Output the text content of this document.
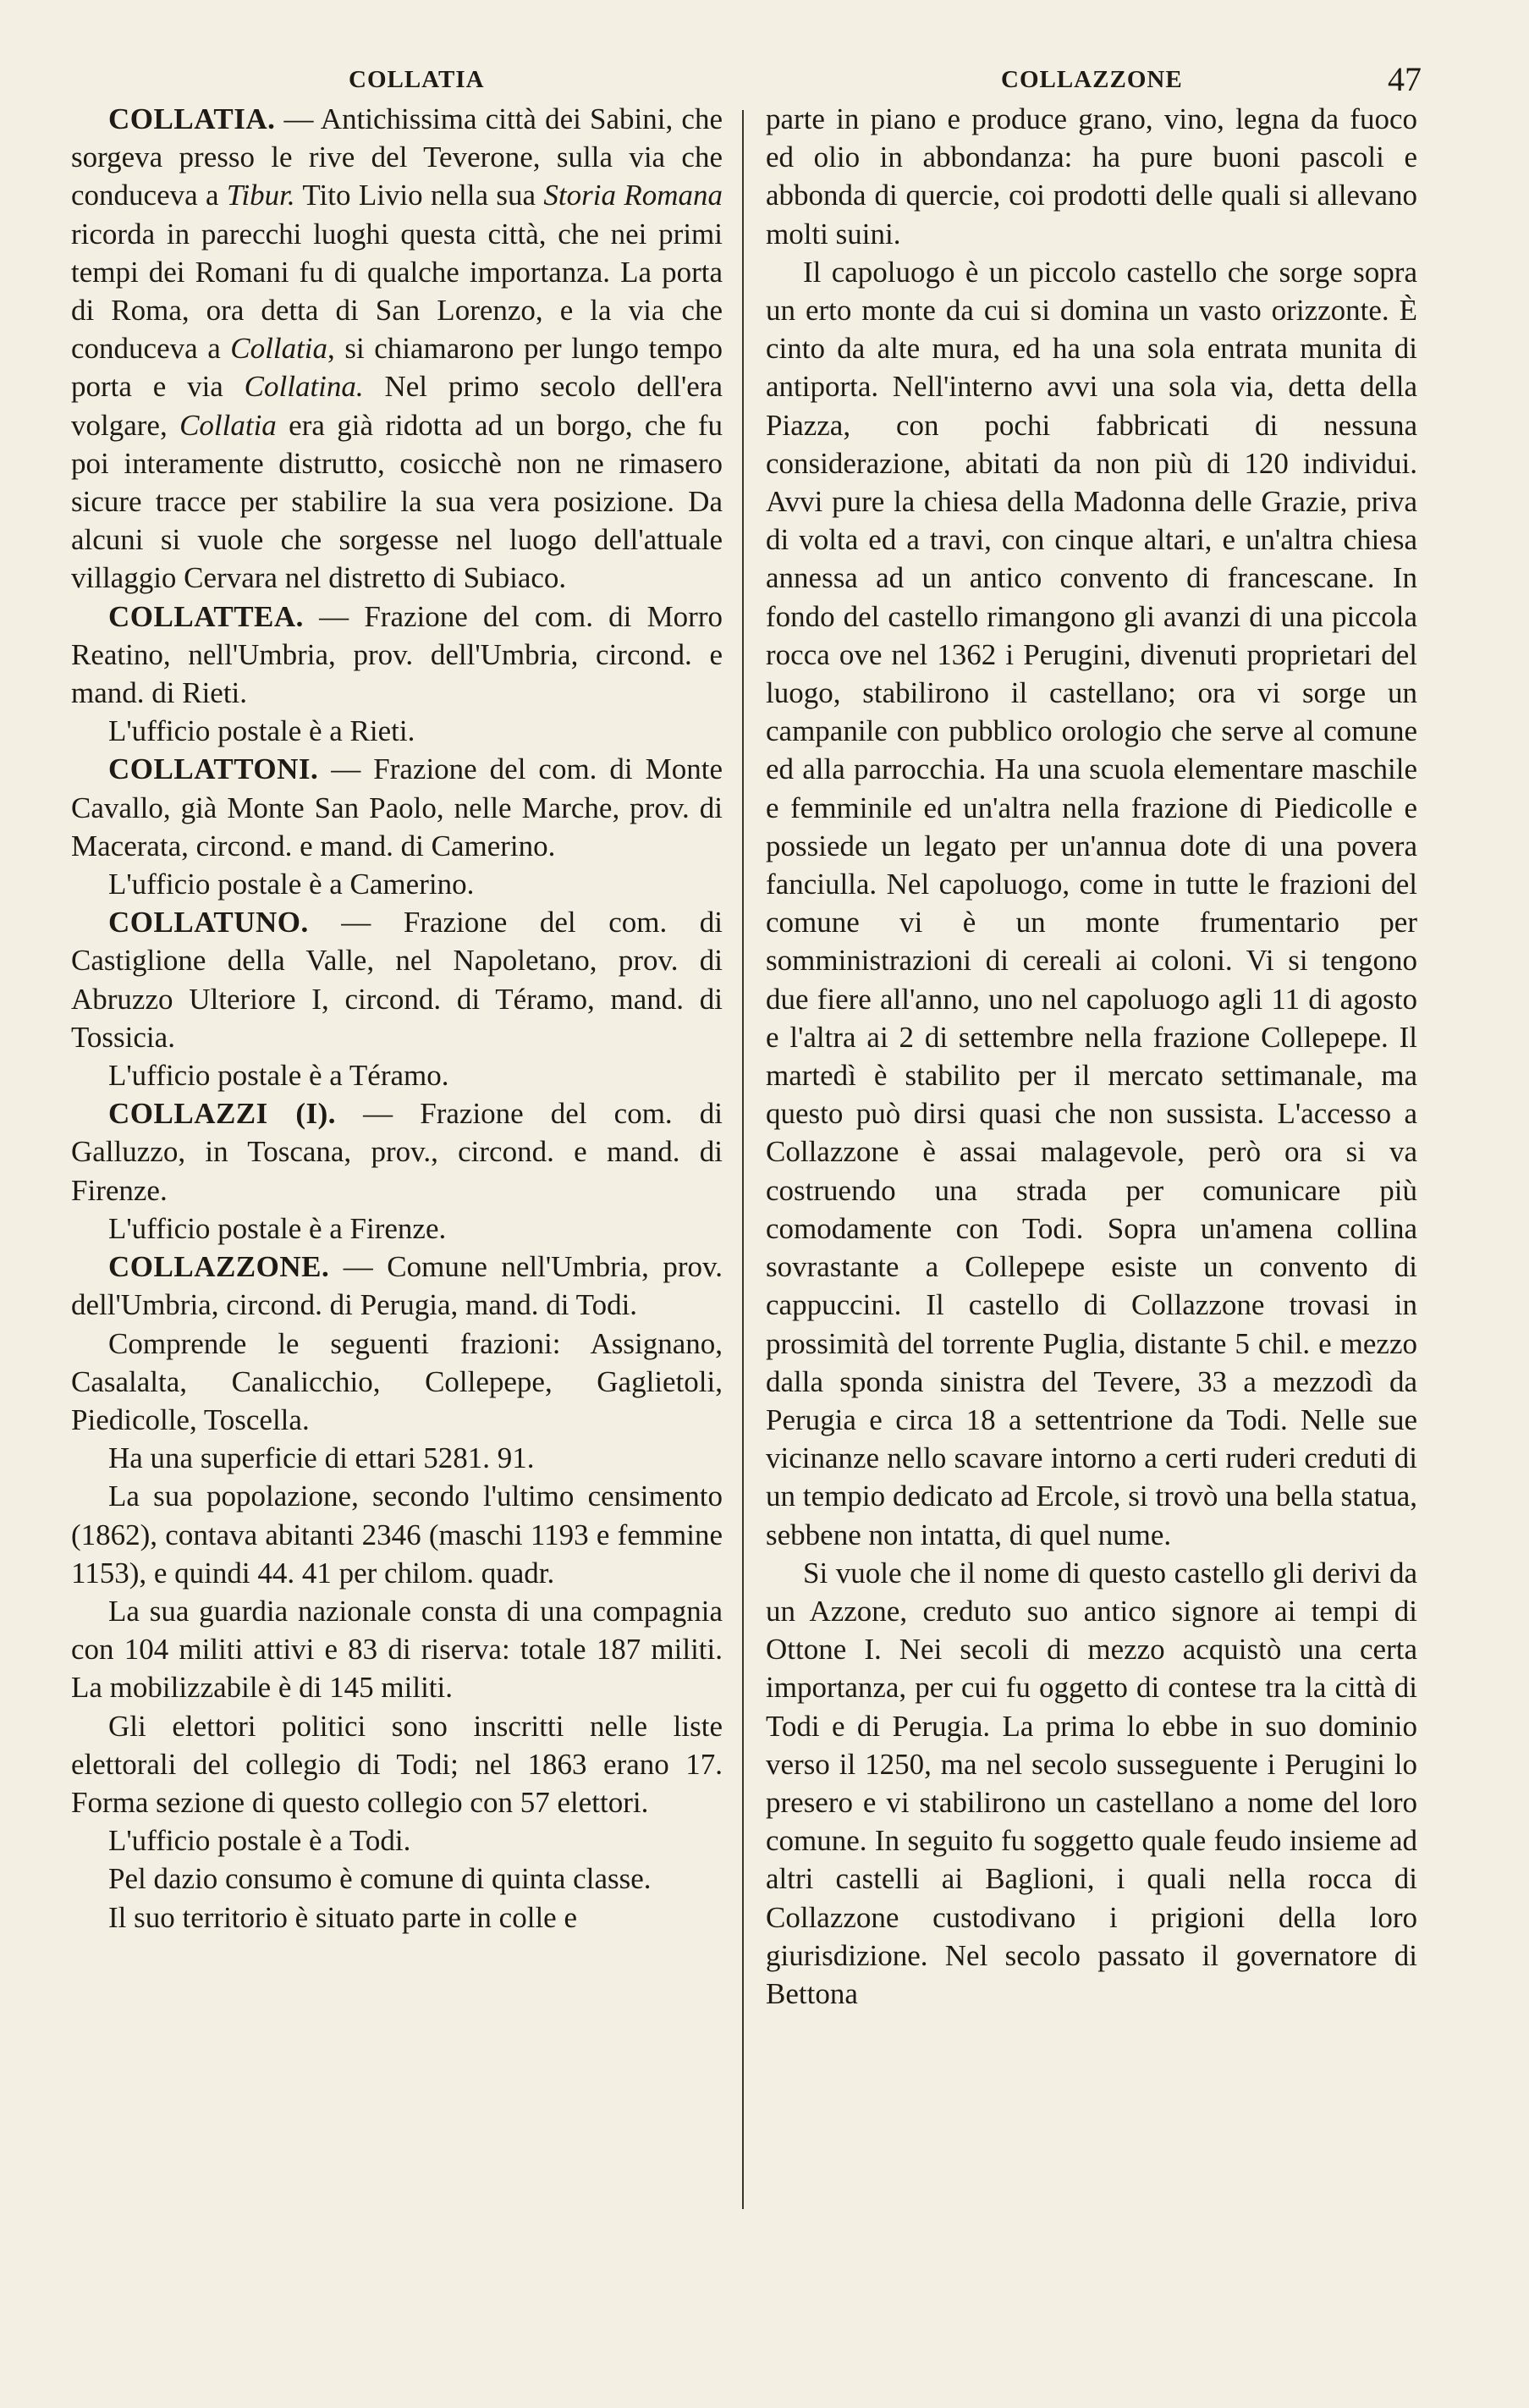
COLLATIA	COLLAZZONE	47

COLLATIA. — Antichissima città dei Sabini, che sorgeva presso le rive del Teverone, sulla via che conduceva a Tibur. Tito Livio nella sua Storia Romana ricorda in parecchi luoghi questa città, che nei primi tempi dei Romani fu di qualche importanza. La porta di Roma, ora detta di San Lorenzo, e la via che conduceva a Collatia, si chiamarono per lungo tempo porta e via Collatina. Nel primo secolo dell'era volgare, Collatia era già ridotta ad un borgo, che fu poi interamente distrutto, cosicchè non ne rimasero sicure tracce per stabilire la sua vera posizione. Da alcuni si vuole che sorgesse nel luogo dell'attuale villaggio Cervara nel distretto di Subiaco.

COLLATTEA. — Frazione del com. di Morro Reatino, nell'Umbria, prov. dell'Umbria, circond. e mand. di Rieti.

L'ufficio postale è a Rieti.

COLLATTONI. — Frazione del com. di Monte Cavallo, già Monte San Paolo, nelle Marche, prov. di Macerata, circond. e mand. di Camerino.

L'ufficio postale è a Camerino.

COLLATUNO. — Frazione del com. di Castiglione della Valle, nel Napoletano, prov. di Abruzzo Ulteriore I, circond. di Téramo, mand. di Tossicia.

L'ufficio postale è a Téramo.

COLLAZZI (I). — Frazione del com. di Galluzzo, in Toscana, prov., circond. e mand. di Firenze.

L'ufficio postale è a Firenze.

COLLAZZONE. — Comune nell'Umbria, prov. dell'Umbria, circond. di Perugia, mand. di Todi.

Comprende le seguenti frazioni: Assignano, Casalalta, Canalicchio, Collepepe, Gaglietoli, Piedicolle, Toscella.

Ha una superficie di ettari 5281. 91.

La sua popolazione, secondo l'ultimo censimento (1862), contava abitanti 2346 (maschi 1193 e femmine 1153), e quindi 44. 41 per chilom. quadr.

La sua guardia nazionale consta di una compagnia con 104 militi attivi e 83 di riserva: totale 187 militi. La mobilizzabile è di 145 militi.

Gli elettori politici sono inscritti nelle liste elettorali del collegio di Todi; nel 1863 erano 17. Forma sezione di questo collegio con 57 elettori.

L'ufficio postale è a Todi.

Pel dazio consumo è comune di quinta classe.

Il suo territorio è situato parte in colle e

parte in piano e produce grano, vino, legna da fuoco ed olio in abbondanza: ha pure buoni pascoli e abbonda di quercie, coi prodotti delle quali si allevano molti suini.

Il capoluogo è un piccolo castello che sorge sopra un erto monte da cui si domina un vasto orizzonte. È cinto da alte mura, ed ha una sola entrata munita di antiporta. Nell'interno avvi una sola via, detta della Piazza, con pochi fabbricati di nessuna considerazione, abitati da non più di 120 individui. Avvi pure la chiesa della Madonna delle Grazie, priva di volta ed a travi, con cinque altari, e un'altra chiesa annessa ad un antico convento di francescane. In fondo del castello rimangono gli avanzi di una piccola rocca ove nel 1362 i Perugini, divenuti proprietari del luogo, stabilirono il castellano; ora vi sorge un campanile con pubblico orologio che serve al comune ed alla parrocchia. Ha una scuola elementare maschile e femminile ed un'altra nella frazione di Piedicolle e possiede un legato per un'annua dote di una povera fanciulla. Nel capoluogo, come in tutte le frazioni del comune vi è un monte frumentario per somministrazioni di cereali ai coloni. Vi si tengono due fiere all'anno, uno nel capoluogo agli 11 di agosto e l'altra ai 2 di settembre nella frazione Collepepe. Il martedì è stabilito per il mercato settimanale, ma questo può dirsi quasi che non sussista. L'accesso a Collazzone è assai malagevole, però ora si va costruendo una strada per comunicare più comodamente con Todi. Sopra un'amena collina sovrastante a Collepepe esiste un convento di cappuccini. Il castello di Collazzone trovasi in prossimità del torrente Puglia, distante 5 chil. e mezzo dalla sponda sinistra del Tevere, 33 a mezzodì da Perugia e circa 18 a settentrione da Todi. Nelle sue vicinanze nello scavare intorno a certi ruderi creduti di un tempio dedicato ad Ercole, si trovò una bella statua, sebbene non intatta, di quel nume.

Si vuole che il nome di questo castello gli derivi da un Azzone, creduto suo antico signore ai tempi di Ottone I. Nei secoli di mezzo acquistò una certa importanza, per cui fu oggetto di contese tra la città di Todi e di Perugia. La prima lo ebbe in suo dominio verso il 1250, ma nel secolo susseguente i Perugini lo presero e vi stabilirono un castellano a nome del loro comune. In seguito fu soggetto quale feudo insieme ad altri castelli ai Baglioni, i quali nella rocca di Collazzone custodivano i prigioni della loro giurisdizione. Nel secolo passato il governatore di Bettona
